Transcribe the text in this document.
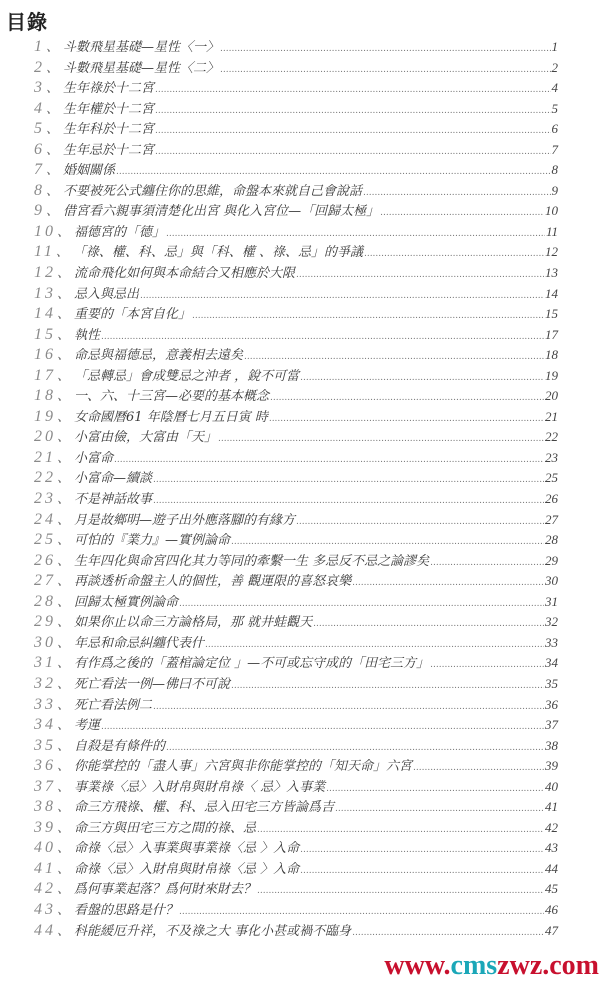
目錄
1 、 斗數飛星基礎—星性〈一〉 .....	1
2 、 斗數飛星基礎—星性〈二〉 .....	2
3 、 生年祿於十二宮 .....	4
4 、 生年權於十二宮 .....	5
5 、 生年科於十二宮 .....	6
6 、 生年忌於十二宮 .....	7
7 、 婚姻關係 .....	8
8 、 不要被死公式纏住你的思維，命盤本來就自己會說話 .....	9
9 、 借宮看六親事須清楚化出宮 與化入宮位—「回歸太極」 .....	10
10 、 福德宮的「德」 .....	11
11 、 「祿、權、科、忌」與「科、權 、祿、忌」的爭議 .....	12
12 、 流命飛化如何與本命結合又相應於大限 .....	13
13 、 忌入與忌出 .....	14
14 、 重要的「本宮自化」 .....	15
15 、 執性 .....	17
16 、 命忌與福德忌，意義相去遠矣 .....	18
17 、 「忌轉忌」會成雙忌之沖者 ，銳不可當 .....	19
18 、 一、六、十三宮—必要的基本概念 .....	20
19 、 女命國曆61 年陰曆七月五日寅 時 .....	21
20 、 小富由儉，大富由「天」 .....	22
21 、 小富命 .....	23
22 、 小富命—續談 .....	25
23 、 不是神話故事 .....	26
24 、 月是故鄉明—遊子出外應落腳的有緣方 .....	27
25 、 可怕的『業力』—實例論命 .....	28
26 、 生年四化與命宮四化其力等同的牽繫一生 多忌反不忌之論謬矣 .....	29
27 、 再談透析命盤主人的個性，善 觀運限的喜怒哀樂 .....	30
28 、 回歸太極實例論命 .....	31
29 、 如果你止以命三方論格局，那 就井蛙觀天 .....	32
30 、 年忌和命忌糾纏代表什 .....	33
31 、 有作爲之後的「蓋棺論定位 」—不可或忘守成的「田宅三方」 .....	34
32 、 死亡看法一例—佛曰不可說 .....	35
33 、 死亡看法例二 .....	36
34 、 考運 .....	37
35 、 自殺是有條件的 .....	38
36 、 你能掌控的「盡人事」六宮與非你能掌控的「知天命」六宮 .....	39
37 、 事業祿〈忌〉入財帛與財帛祿〈 忌〉入事業 .....	40
38 、 命三方飛祿、權、科、忌入田宅三方皆論爲吉 .....	41
39 、 命三方與田宅三方之間的祿、忌 .....	42
40 、 命祿〈忌〉入事業與事業祿〈忌 〉入命 .....	43
41 、 命祿〈忌〉入財帛與財帛祿〈忌 〉入命 .....	44
42 、 爲何事業起落？爲何財來財去？ .....	45
43 、 看盤的思路是什？ .....	46
44 、 科能緩厄升祥，不及祿之大 事化小甚或禍不臨身 .....	47
www.cmszwz.com
